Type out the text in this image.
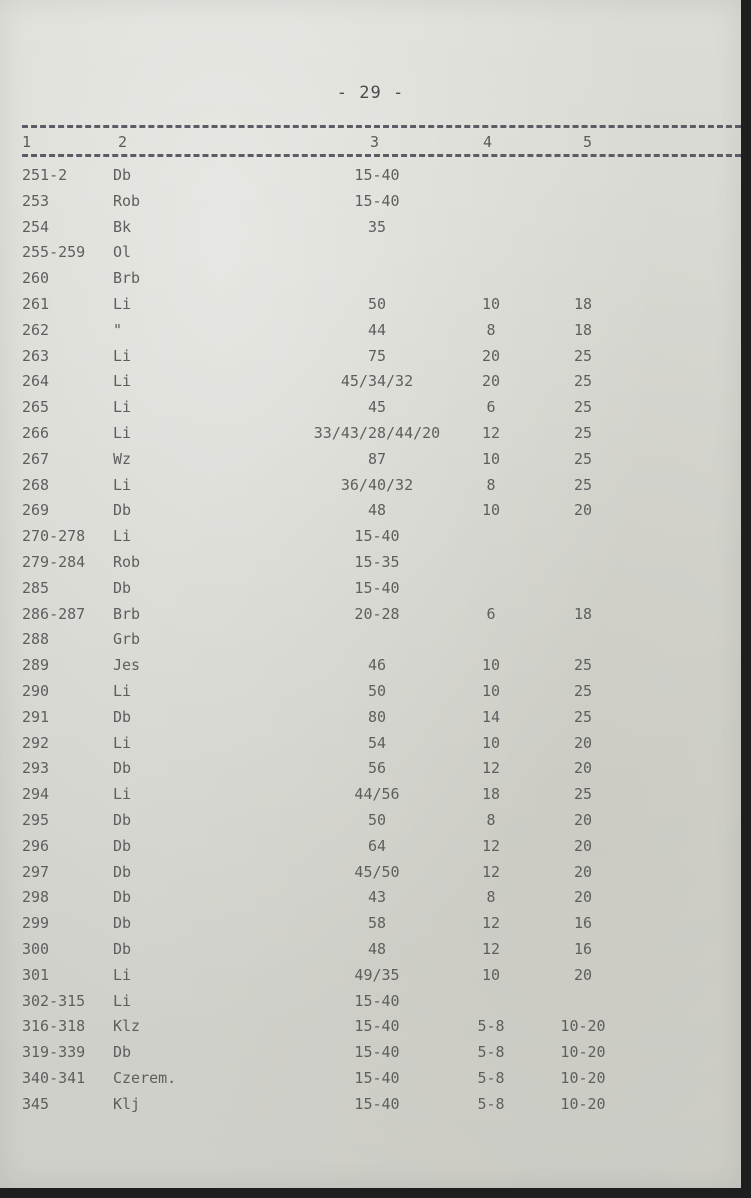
- 29 -
1	2	3	4	5
251-2	Db	15-40
253	Rob	15-40
254	Bk	35
255-259 Ol
260	Brb
261	Li	50	10	18
262	"	44	8	18
263	Li	75	20	25
264	Li	45/34/32	20	25
265	Li	45	6	25
266	Li	33/43/28/44/20	12	25
267	Wz	87	10	25
268	Li	36/40/32	8	25
269	Db	48	10	20
270-278 Li	15-40
279-284 Rob	15-35
285	Db	15-40
286-287 Brb	20-28	6	18
288	Grb
289	Jes	46	10	25
290	Li	50	10	25
291	Db	80	14	25
292	Li	54	10	20
293	Db	56	12	20
294	Li	44/56	18	25
295	Db	50	8	20
296	Db	64	12	20
297	Db	45/50	12	20
298	Db	43	8	20
299	Db	58	12	16
300	Db	48	12	16
301	Li	49/35	10	20
302-315 Li	15-40
316-318 Klz	15-40	5-8	10-20
319-339 Db	15-40	5-8	10-20
340-341 Czerem.	15-40	5-8	10-20
345	Klj	15-40	5-8	10-20
